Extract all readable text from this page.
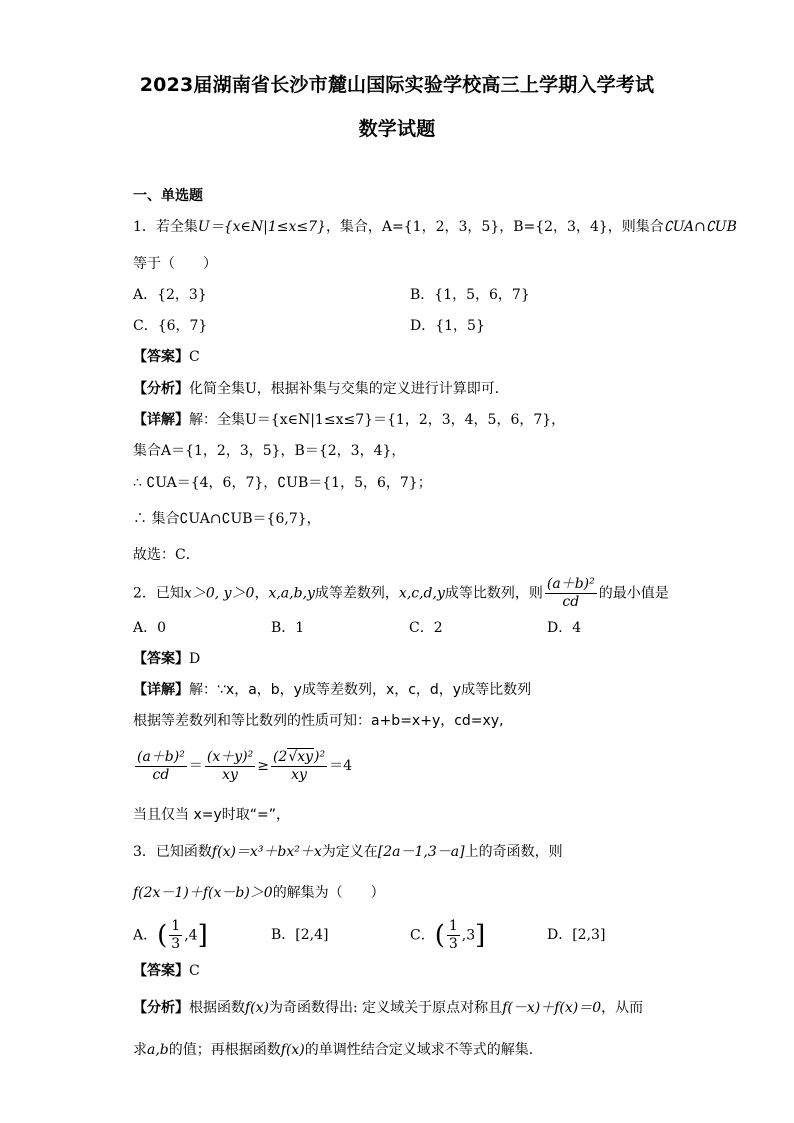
2023届湖南省长沙市麓山国际实验学校高三上学期入学考试
数学试题
一、单选题
1．若全集U＝{x∈N|1≤x≤7}，集合，A={1，2，3，5}，B={2，3，4}，则集合∁UA∩∁UB
等于（　　）
A．{2，3}	B．{1，5，6，7}
C．{6，7}	D．{1，5}
【答案】C
【分析】化简全集U，根据补集与交集的定义进行计算即可．
【详解】解：全集U＝{x∈N|1≤x≤7}＝{1，2，3，4，5，6，7}，
集合A＝{1，2，3，5}，B＝{2，3，4}，
∴ ∁UA＝{4，6，7}，∁UB＝{1，5，6，7}；
∴ 集合∁UA∩∁UB＝{6,7}，
故选：C．
2．已知x＞0, y＞0，x,a,b,y成等差数列，x,c,d,y成等比数列，则 $\frac{\text{(a＋b)²}}{cd}$ 的最小值是
A．0	B．1	C．2	D．4
【答案】D
【详解】解：∵x，a，b，y成等差数列，x，c，d，y成等比数列
根据等差数列和等比数列的性质可知：a+b=x+y，cd=xy,
$\frac{\text{(a＋b)²}}{cd} = \frac{\text{(x＋y)²}}{xy} \ge \frac{\text{(2√xy)²}}{xy} =4$
当且仅当 x=y时取“=”，
3．已知函数f(x)＝x³＋bx²＋x为定义在[2a－1,3－a]上的奇函数，则
f(2x－1)＋f(x－b)＞0的解集为（　　）
A．( $\frac{1}{3} ,4$]	B．[2,4]	C．( $\frac{1}{3} ,3$]	D．[2,3]
【答案】C
【分析】根据函数f(x)为奇函数得出: 定义域关于原点对称且f(－x)＋f(x)＝0，从而
求a,b的值；再根据函数f(x)的单调性结合定义域求不等式的解集.
